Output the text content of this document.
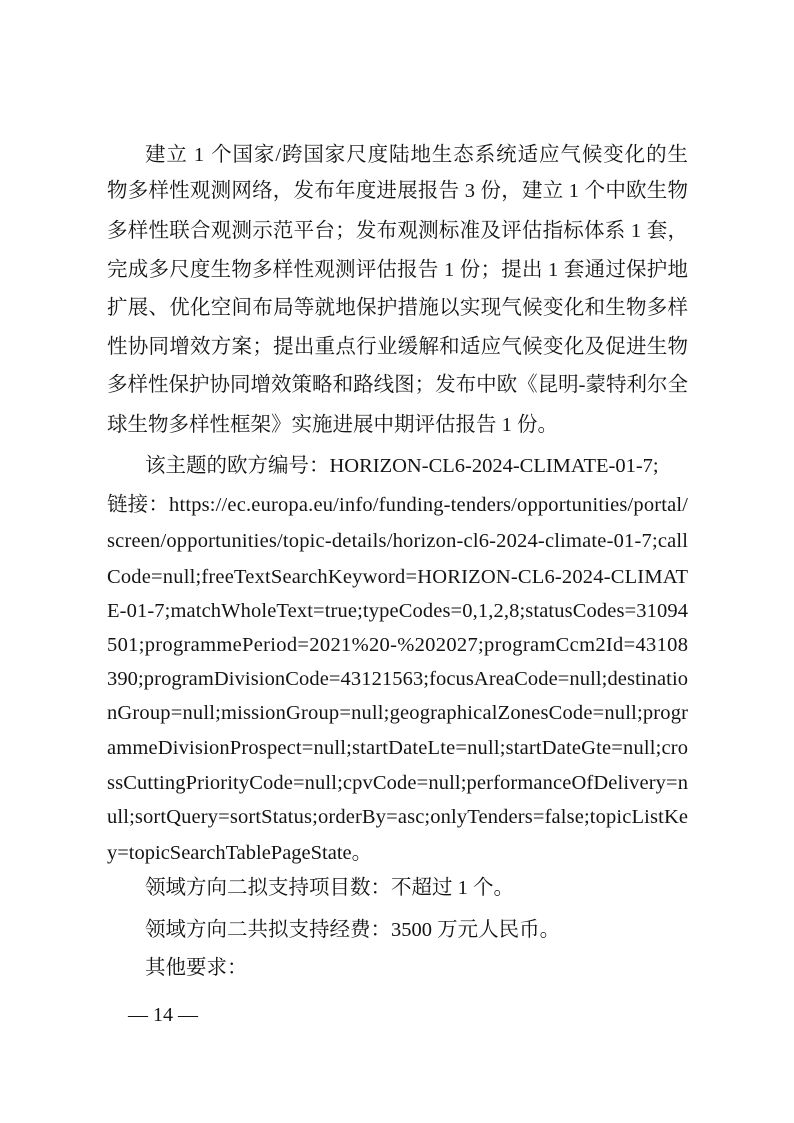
建立 1 个国家/跨国家尺度陆地生态系统适应气候变化的生
物多样性观测网络，发布年度进展报告 3 份，建立 1 个中欧生物
多样性联合观测示范平台；发布观测标准及评估指标体系 1 套，
完成多尺度生物多样性观测评估报告 1 份；提出 1 套通过保护地
扩展、优化空间布局等就地保护措施以实现气候变化和生物多样
性协同增效方案；提出重点行业缓解和适应气候变化及促进生物
多样性保护协同增效策略和路线图；发布中欧《昆明-蒙特利尔全
球生物多样性框架》实施进展中期评估报告 1 份。
该主题的欧方编号：HORIZON-CL6-2024-CLIMATE-01-7;
链接：https://ec.europa.eu/info/funding-tenders/opportunities/portal/
screen/opportunities/topic-details/horizon-cl6-2024-climate-01-7;call
Code=null;freeTextSearchKeyword=HORIZON-CL6-2024-CLIMAT
E-01-7;matchWholeText=true;typeCodes=0,1,2,8;statusCodes=31094
501;programmePeriod=2021%20-%202027;programCcm2Id=43108
390;programDivisionCode=43121563;focusAreaCode=null;destinatio
nGroup=null;missionGroup=null;geographicalZonesCode=null;progr
ammeDivisionProspect=null;startDateLte=null;startDateGte=null;cro
ssCuttingPriorityCode=null;cpvCode=null;performanceOfDelivery=n
ull;sortQuery=sortStatus;orderBy=asc;onlyTenders=false;topicListKe
y=topicSearchTablePageState。
领域方向二拟支持项目数：不超过 1 个。
领域方向二共拟支持经费：3500 万元人民币。
其他要求：
— 14 —
